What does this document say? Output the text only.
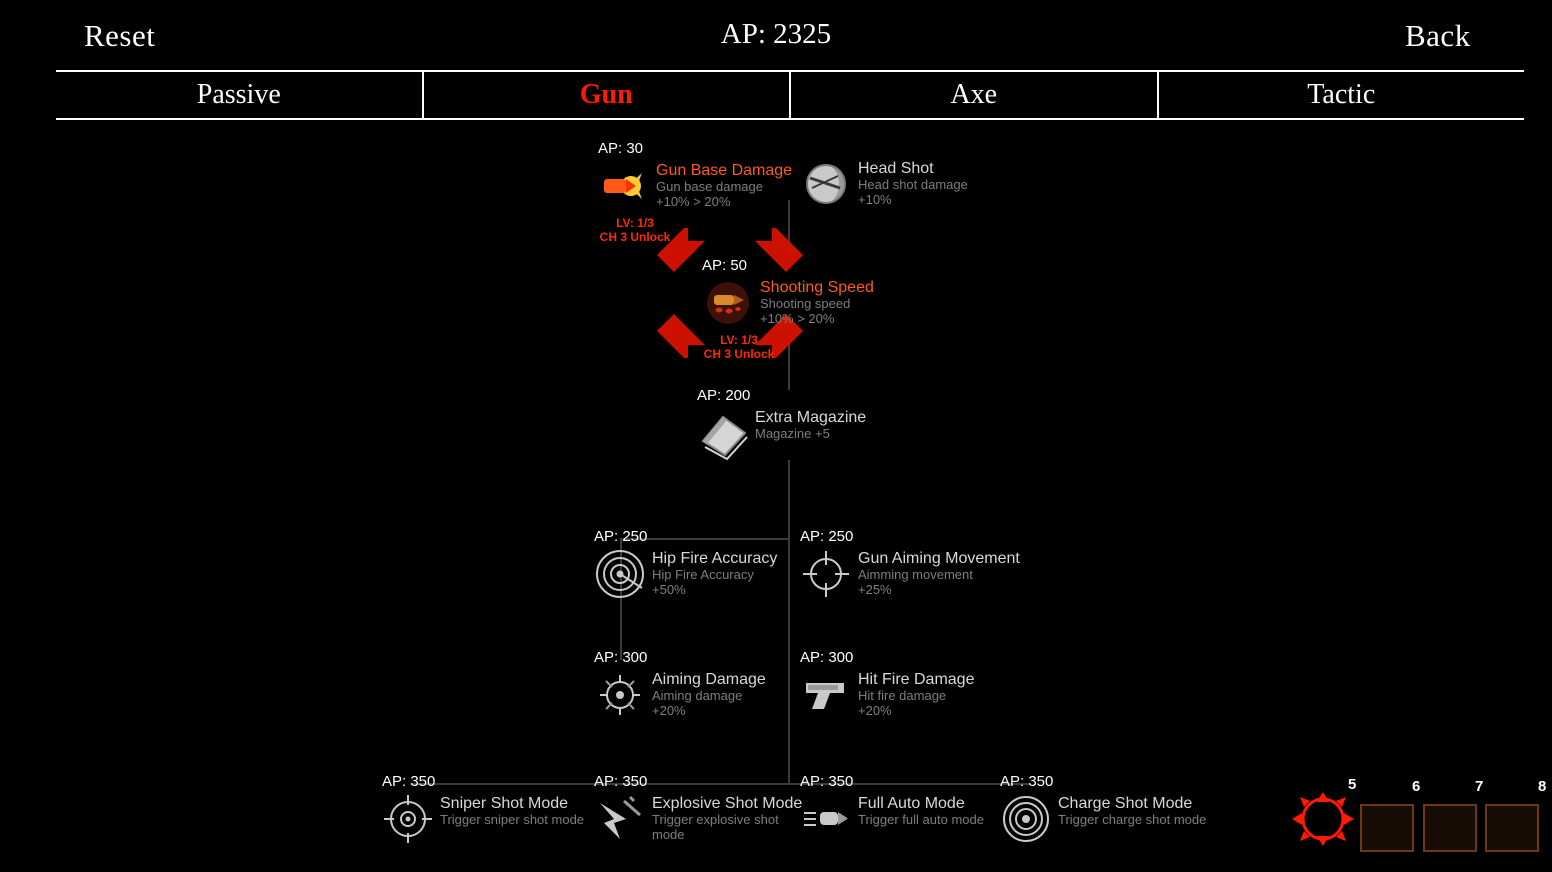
Reset	AP: 2325	Back
Passive	Gun	Axe	Tactic
AP: 30
Gun Base Damage
Gun base damage
+10% > 20%
LV: 1/3
CH 3 Unlock
Head Shot
Head shot damage
+10%
AP: 50
Shooting Speed
Shooting speed
+10% > 20%
LV: 1/3
CH 3 Unlock
AP: 200
Extra Magazine
Magazine +5
AP: 250
Hip Fire Accuracy
Hip Fire Accuracy
+50%
AP: 250
Gun Aiming Movement
Aimming movement
+25%
AP: 300
Aiming Damage
Aiming damage
+20%
AP: 300
Hit Fire Damage
Hit fire damage
+20%
AP: 350
Sniper Shot Mode
Trigger sniper shot mode
AP: 350
Explosive Shot Mode
Trigger explosive shot mode
AP: 350
Full Auto Mode
Trigger full auto mode
AP: 350
Charge Shot Mode
Trigger charge shot mode
5	6	7	8
